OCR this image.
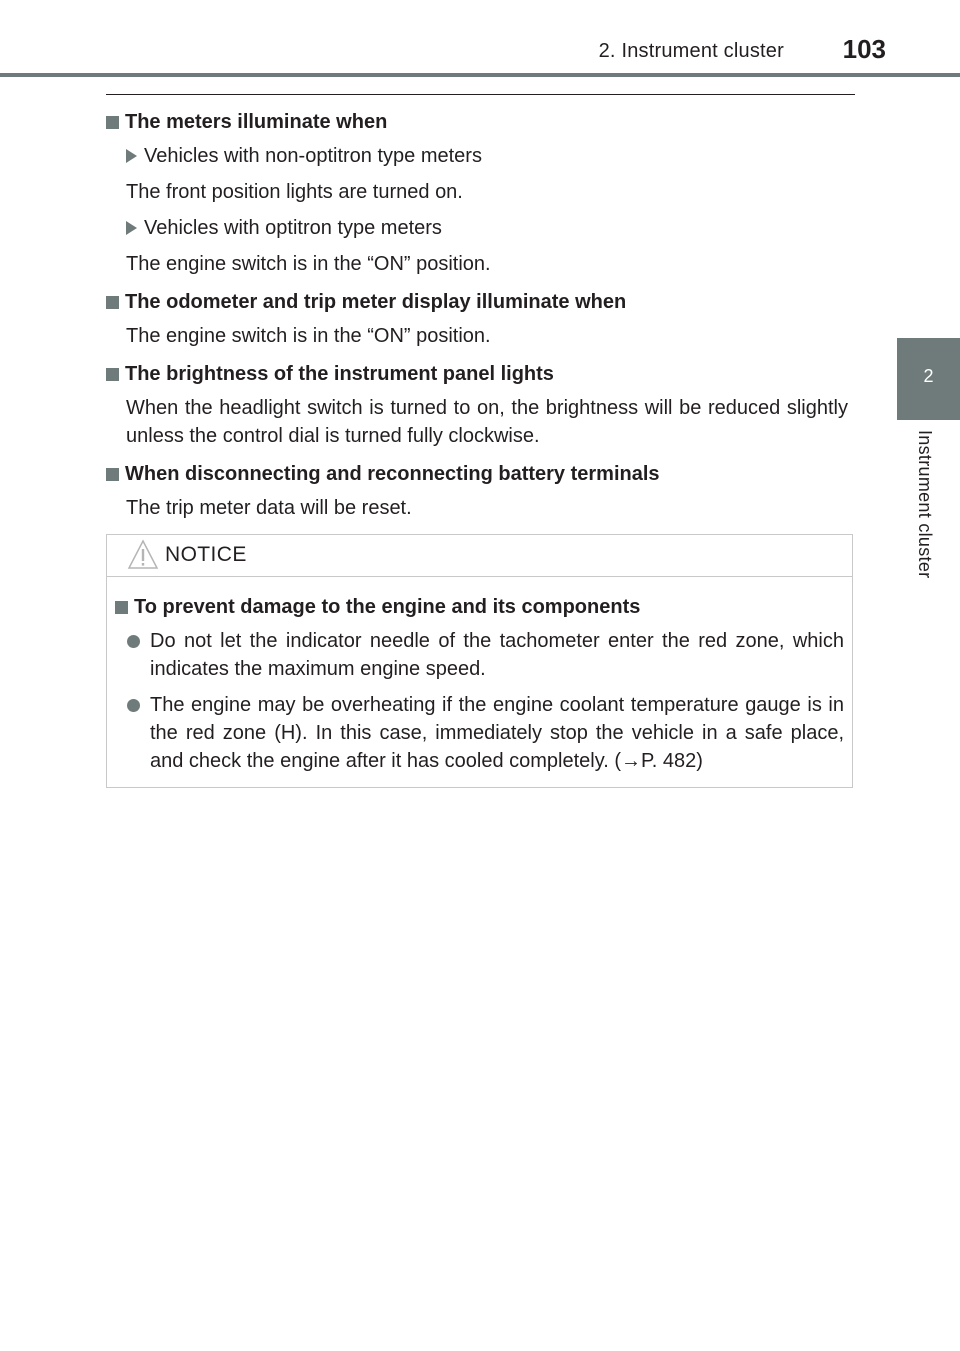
2. Instrument cluster 103
2
Instrument cluster
The meters illuminate when
Vehicles with non-optitron type meters
The front position lights are turned on.
Vehicles with optitron type meters
The engine switch is in the “ON” position.
The odometer and trip meter display illuminate when
The engine switch is in the “ON” position.
The brightness of the instrument panel lights
When the headlight switch is turned to on, the brightness will be reduced slightly unless the control dial is turned fully clockwise.
When disconnecting and reconnecting battery terminals
The trip meter data will be reset.
NOTICE
To prevent damage to the engine and its components
Do not let the indicator needle of the tachometer enter the red zone, which indicates the maximum engine speed.
The engine may be overheating if the engine coolant temperature gauge is in the red zone (H). In this case, immediately stop the vehicle in a safe place, and check the engine after it has cooled completely. (→P. 482)
